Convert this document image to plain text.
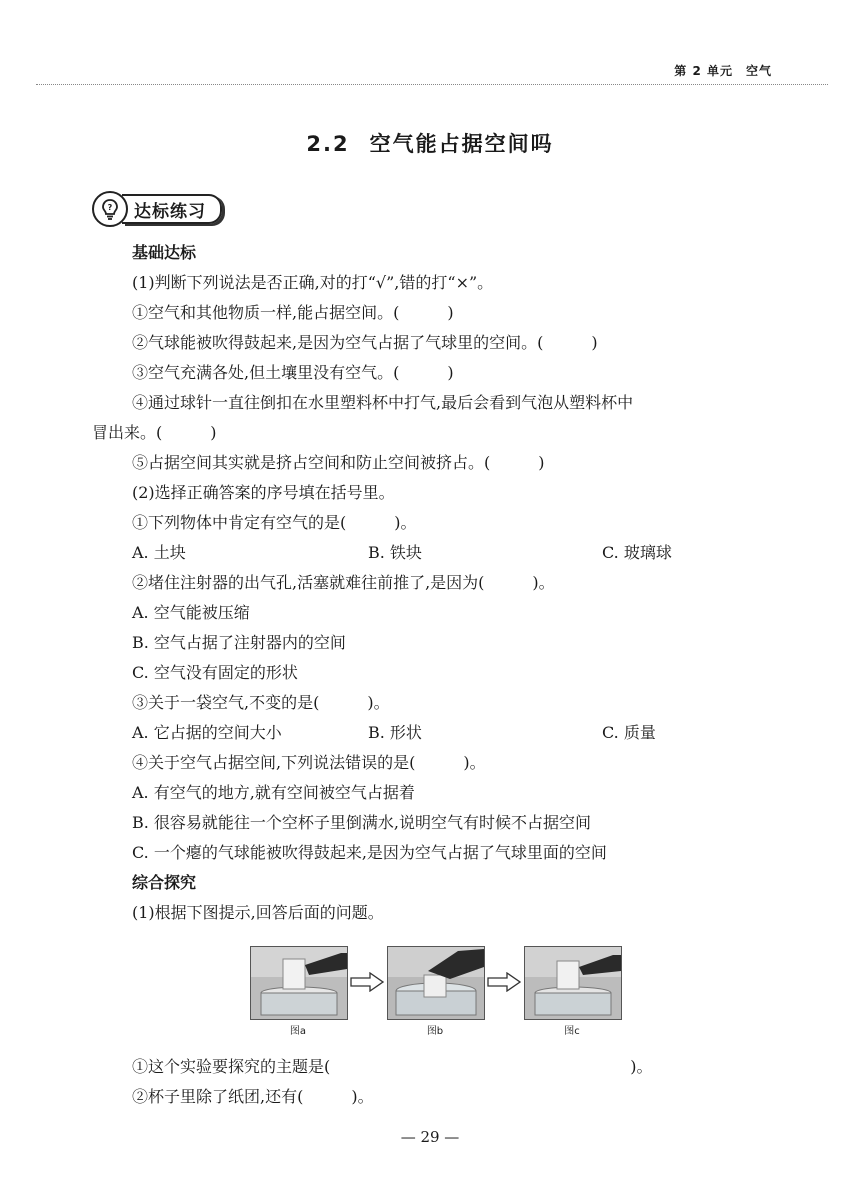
第 2 单元　空气
2.2 空气能占据空间吗
?	达标练习
基础达标
(1)判断下列说法是否正确,对的打“√”,错的打“×”。
①空气和其他物质一样,能占据空间。(　　　)
②气球能被吹得鼓起来,是因为空气占据了气球里的空间。(　　　)
③空气充满各处,但土壤里没有空气。(　　　)
④通过球针一直往倒扣在水里塑料杯中打气,最后会看到气泡从塑料杯中
冒出来。(　　　)
⑤占据空间其实就是挤占空间和防止空间被挤占。(　　　)
(2)选择正确答案的序号填在括号里。
①下列物体中肯定有空气的是(　　　)。
A. 土块	B. 铁块	C. 玻璃球
②堵住注射器的出气孔,活塞就难往前推了,是因为(　　　)。
A. 空气能被压缩
B. 空气占据了注射器内的空间
C. 空气没有固定的形状
③关于一袋空气,不变的是(　　　)。
A. 它占据的空间大小	B. 形状	C. 质量
④关于空气占据空间,下列说法错误的是(　　　)。
A. 有空气的地方,就有空间被空气占据着
B. 很容易就能往一个空杯子里倒满水,说明空气有时候不占据空间
C. 一个瘪的气球能被吹得鼓起来,是因为空气占据了气球里面的空间
综合探究
(1)根据下图提示,回答后面的问题。
图a	图b	图c
①这个实验要探究的主题是(	)。
②杯子里除了纸团,还有(　　　)。
— 29 —
